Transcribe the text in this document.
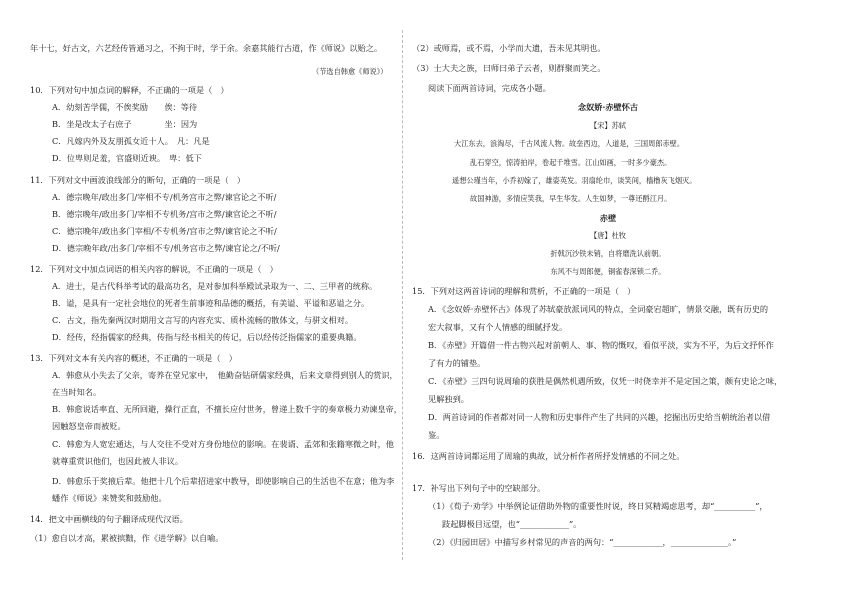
年十七，好古文，六艺经传皆通习之，不拘于时，学于余。余嘉其能行古道，作《师说》以贻之。
（节选自韩愈《师说》）
10．下列对句中加点词的解释，不正确的一项是（　）
A．幼刻苦学儒，不俟奖励　　俟：等待
B．坐是改太子右庶子　　　　坐：因为
C．凡嫁内外及友朋孤女近十人。　凡：凡是
D．位卑则足羞，官盛则近谀。　卑：低下
11．下列对文中画波浪线部分的断句，正确的一项是（　）
A．德宗晚年/政出多门/宰相不专/机务宫市之弊/谏官论之不听/
B．德宗晚年/政出多门/宰相不专机务/宫市之弊/谏官论之不听/
C．德宗晚年/政出多门宰相/不专机务/宫市之弊/谏官论之不听/
D．德宗晚年政/出多门/宰相不专/机务宫市之弊/谏官论之/不听/
12．下列对文中加点词语的相关内容的解说，不正确的一项是（　）
A．进士，是古代科举考试的最高功名，是对参加科举殿试录取为一、二、三甲者的统称。
B．谥，是具有一定社会地位的死者生前事迹和品德的概括，有美谥、平谥和恶谥之分。
C．古文，指先秦两汉时期用文言写的内容充实、质朴流畅的散体文，与骈文相对。
D．经传，经指儒家的经典，传指与经书相关的传记，后以经传泛指儒家的重要典籍。
13．下列对文本有关内容的概述，不正确的一项是（　）
A．韩愈从小失去了父亲，寄养在堂兄家中，　他勤奋钻研儒家经典，后来文章得到别人的赏识，
在当时知名。
B．韩愈说话率直、无所回避，操行正直，不擅长应付世务，曾递上数千字的奏章极力劝谏皇帝，
因触怒皇帝而被贬。
C．韩愈为人宽宏通达，与人交往不受对方身份地位的影响。在裴谞、孟郊和张籍寒微之时，他
就尊重赏识他们，也因此被人非议。
D．韩愈乐于奖掖后辈。他把十几个后辈招进家中教导，即使影响自己的生活也不在意；他为李
蟠作《师说》来赞奖和鼓励他。
14．把文中画横线的句子翻译成现代汉语。
（1）愈自以才高，累被摈黜，作《进学解》以自喻。
（2）或师焉，或不焉，小学而大遗，吾未见其明也。
（3）士大夫之族，曰师曰弟子云者，则群聚而笑之。
阅读下面两首诗词，完成各小题。
念奴娇·赤壁怀古
【宋】苏轼
大江东去，浪淘尽，千古风流人物。故垒西边，人道是，三国周郎赤壁。
乱石穿空，惊涛拍岸，卷起千堆雪。江山如画，一时多少豪杰。
遥想公瑾当年，小乔初嫁了，雄姿英发。羽扇纶巾，谈笑间，樯橹灰飞烟灭。
故国神游，多情应笑我，早生华发。人生如梦，一尊还酹江月。
赤壁
【唐】杜牧
折戟沉沙铁未销，自将磨洗认前朝。
东风不与周郎便，铜雀春深锁二乔。
15．下列对这两首诗词的理解和赏析，不正确的一项是（　）
A．《念奴娇·赤壁怀古》体现了苏轼豪放派词风的特点，全词豪宕超旷，情景交融，既有历史的
宏大叙事，又有个人情感的细腻抒发。
B．《赤壁》开篇借一件古物兴起对前朝人、事、物的慨叹，看似平淡，实为不平，为后文抒怀作
了有力的铺垫。
C．《赤壁》三四句说周瑜的获胜是偶然机遇所致，仅凭一时侥幸并不是定国之策，颇有史论之味，
见解独到。
D．两首诗词的作者都对同一人物和历史事件产生了共同的兴趣，挖掘出历史给当朝统治者以借
鉴。
16．这两首诗词都运用了周瑜的典故，试分析作者所抒发情感的不同之处。
17．补写出下列句子中的空缺部分。
（1）《荀子·劝学》中举例论证借助外物的重要性时说，终日冥精竭虑思考，却“__________”，
跂起脚极目远望，也“____________”。
（2）《归园田居》中描写乡村常见的声音的两句：“____________，______________。”
